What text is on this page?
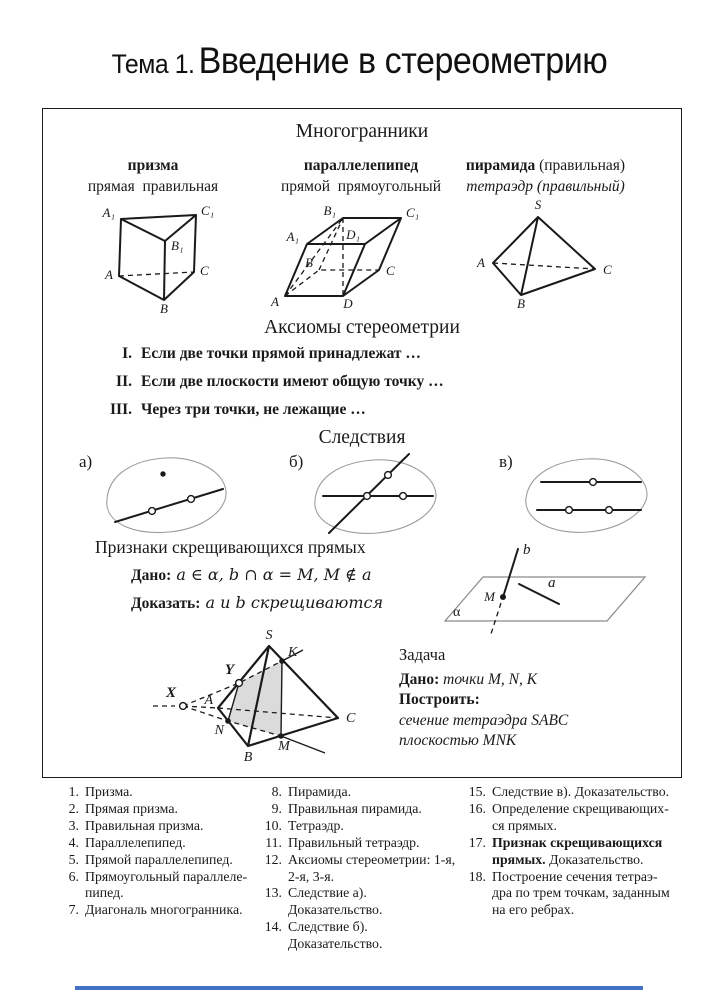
Тема 1. Введение в стереометрию
Многогранники
призма
прямая  правильная
параллелепипед
прямой  прямоугольный
пирамида (правильная)
тетраэдр (правильный)
A₁	C₁
B₁
A	C
B	A	D
C
B
A₁	D₁
B₁	C₁
S
A
B
C
Аксиомы стереометрии
I. Если две точки прямой принадлежат …
II. Если две плоскости имеют общую точку …
III. Через три точки, не лежащие …
Следствия
а)	б)	в)
Признаки скрещивающихся прямых
Дано: a ∈ α, b ∩ α = M, M ∉ a
Доказать: a и b скрещиваются
b
a
M
α
S
K
Y
X A
N
B
M
C
Задача
Дано: точки M, N, K
Построить:
сечение тетраэдра SABC
плоскостью MNK
1. Призма.
2. Прямая призма.
3. Правильная призма.
4. Параллелепипед.
5. Прямой параллелепипед.
6. Прямоугольный параллелепипед.
7. Диагональ многогранника.
8. Пирамида.
9. Правильная пирамида.
10. Тетраэдр.
11. Правильный тетраэдр.
12. Аксиомы стереометрии: 1-я, 2-я, 3-я.
13. Следствие а). Доказательство.
14. Следствие б). Доказательство.
15. Следствие в). Доказательство.
16. Определение скрещивающихся прямых.
17. Признак скрещивающихся прямых. Доказательство.
18. Построение сечения тетраэдра по трем точкам, заданным на его ребрах.
